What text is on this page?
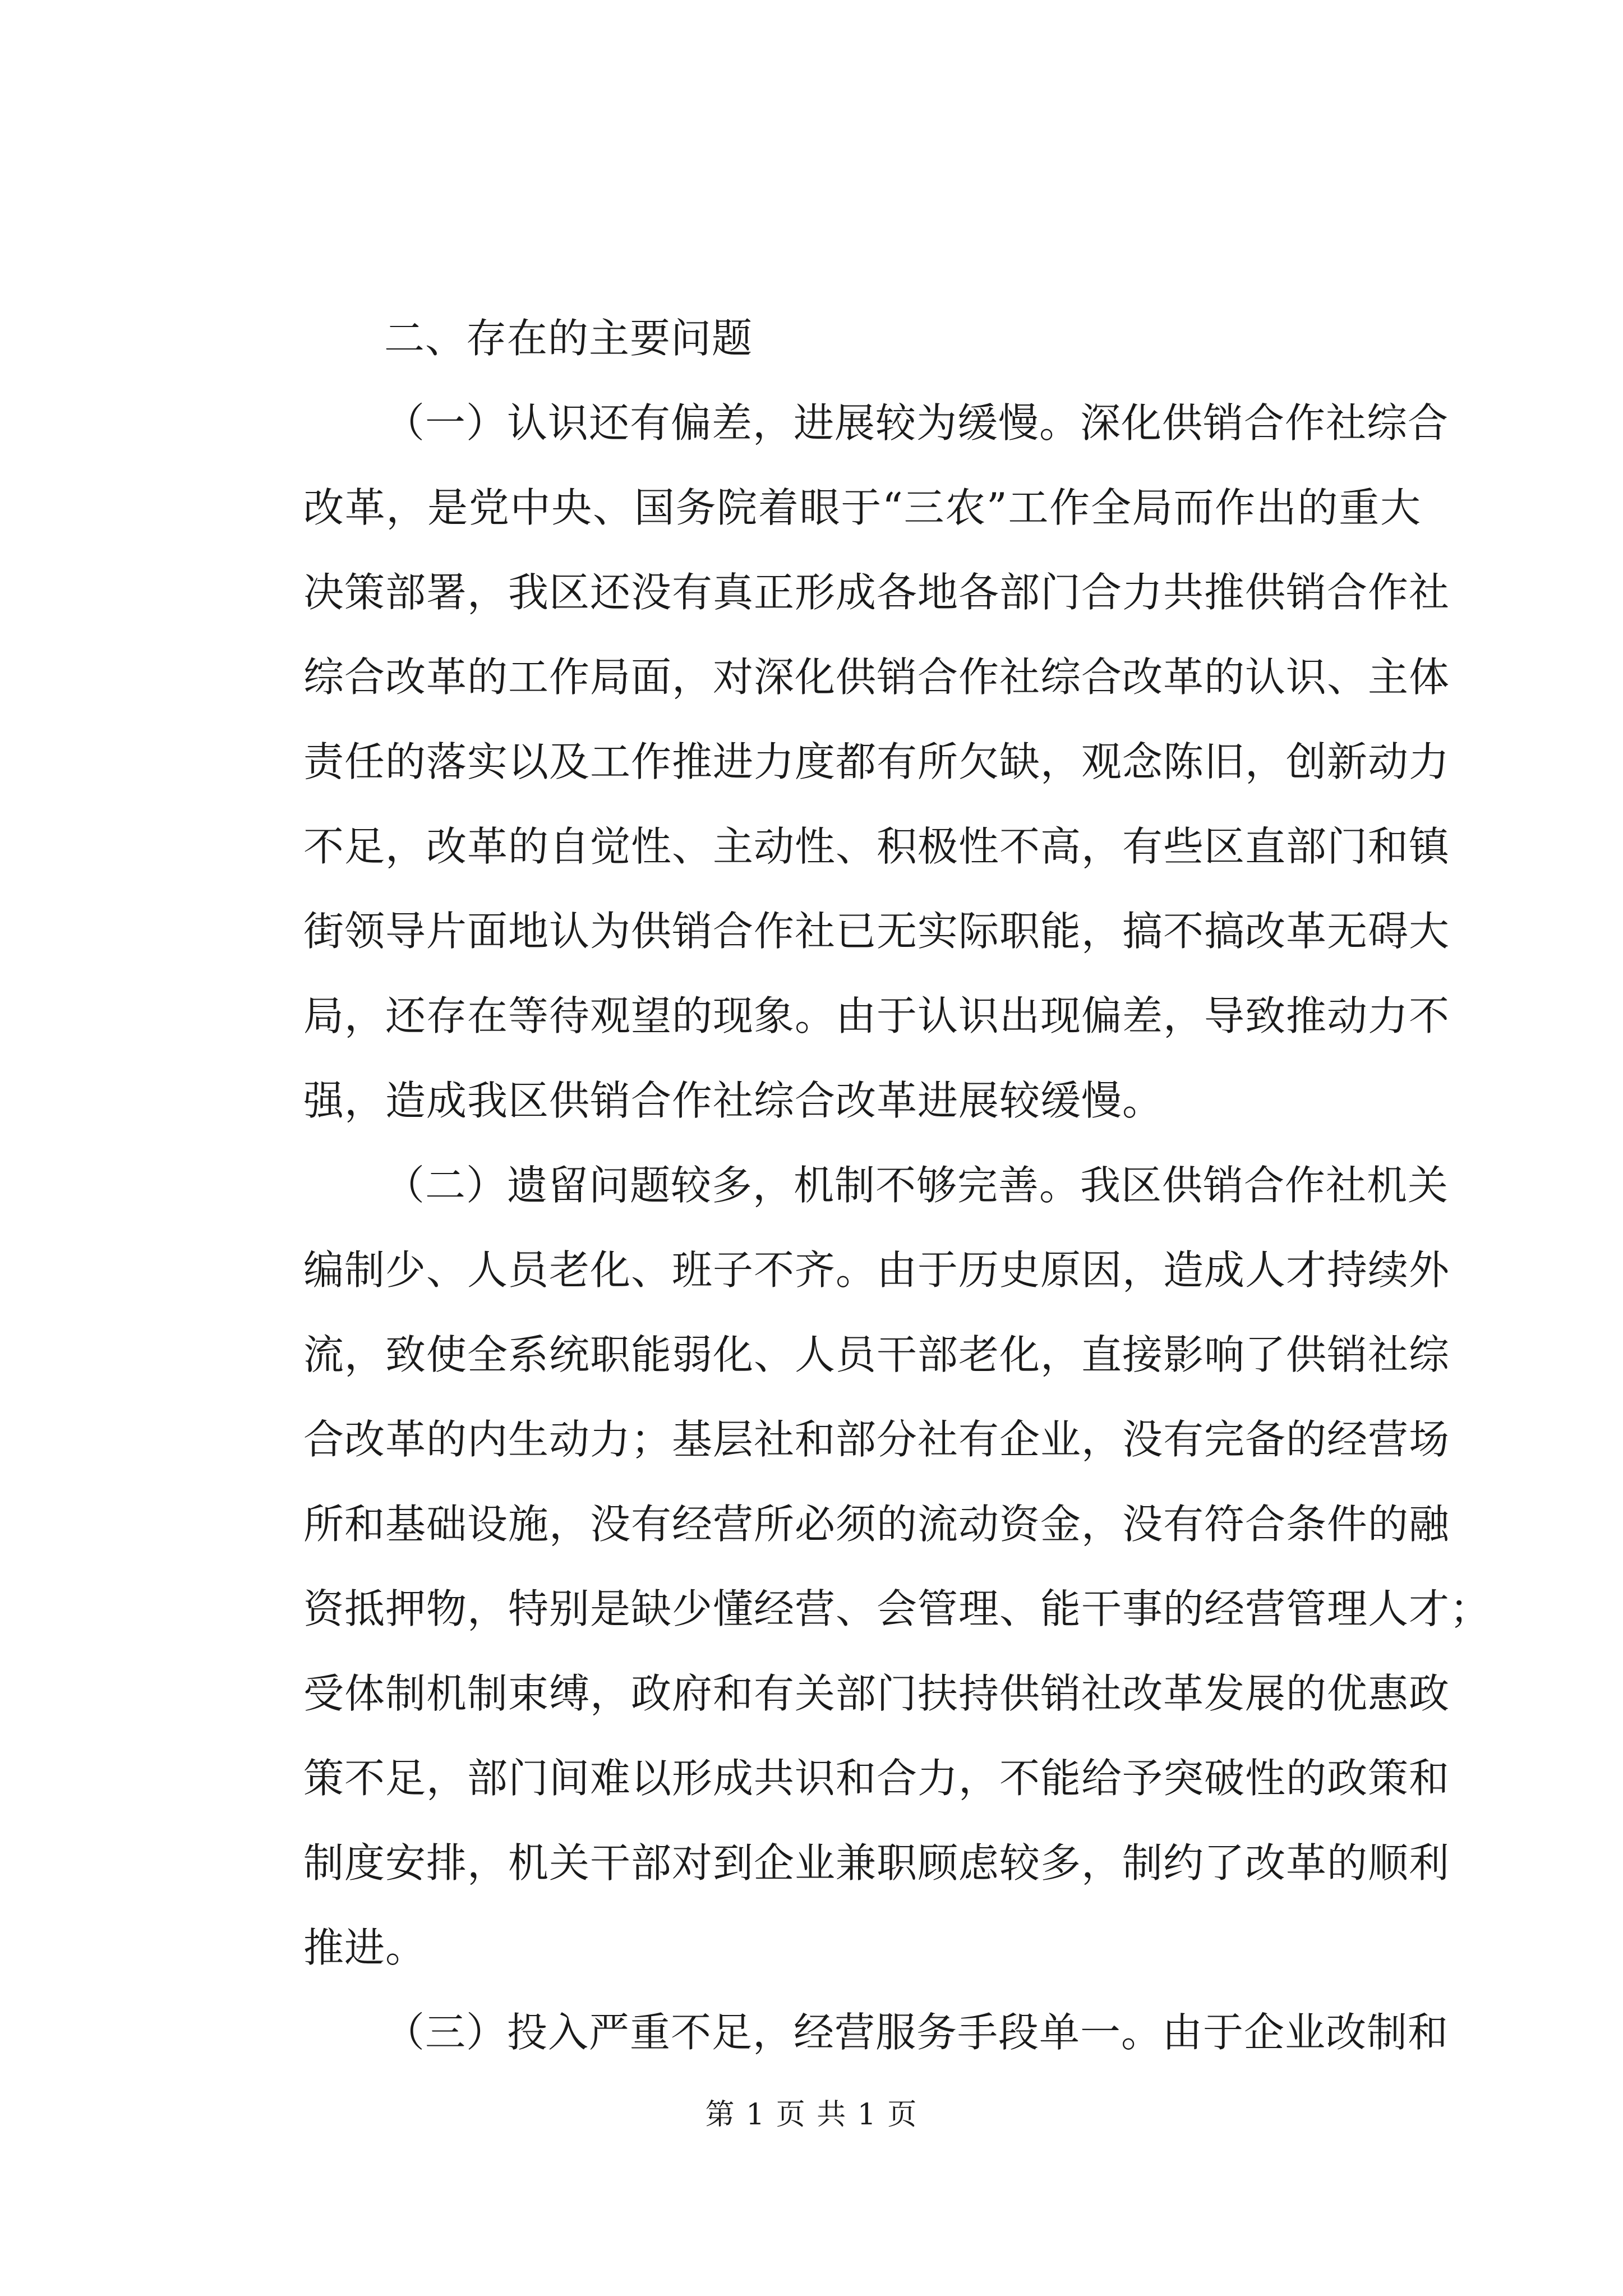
二、存在的主要问题
（一）认识还有偏差，进展较为缓慢。深化供销合作社综合
改革，是党中央、国务院着眼于“三农”工作全局而作出的重大
决策部署，我区还没有真正形成各地各部门合力共推供销合作社
综合改革的工作局面，对深化供销合作社综合改革的认识、主体
责任的落实以及工作推进力度都有所欠缺，观念陈旧，创新动力
不足，改革的自觉性、主动性、积极性不高，有些区直部门和镇
街领导片面地认为供销合作社已无实际职能，搞不搞改革无碍大
局，还存在等待观望的现象。由于认识出现偏差，导致推动力不
强，造成我区供销合作社综合改革进展较缓慢。
（二）遗留问题较多，机制不够完善。我区供销合作社机关
编制少、人员老化、班子不齐。由于历史原因，造成人才持续外
流，致使全系统职能弱化、人员干部老化，直接影响了供销社综
合改革的内生动力；基层社和部分社有企业，没有完备的经营场
所和基础设施，没有经营所必须的流动资金，没有符合条件的融
资抵押物，特别是缺少懂经营、会管理、能干事的经营管理人才；
受体制机制束缚，政府和有关部门扶持供销社改革发展的优惠政
策不足，部门间难以形成共识和合力，不能给予突破性的政策和
制度安排，机关干部对到企业兼职顾虑较多，制约了改革的顺利
推进。
（三）投入严重不足，经营服务手段单一。由于企业改制和
第 1 页 共 1 页
